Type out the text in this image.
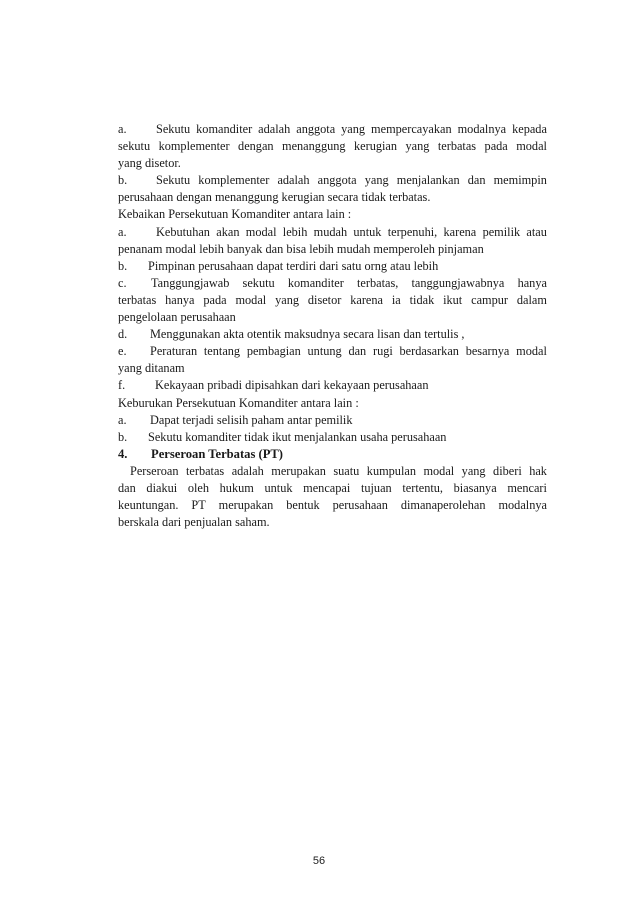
a.	Sekutu komanditer adalah anggota yang mempercayakan modalnya kepada
sekutu komplementer dengan menanggung kerugian yang terbatas pada modal
yang disetor.
b.	Sekutu komplementer adalah anggota yang menjalankan dan memimpin
perusahaan dengan menanggung kerugian secara tidak terbatas.
Kebaikan Persekutuan Komanditer antara lain :
a.	Kebutuhan akan modal lebih mudah untuk terpenuhi, karena pemilik atau
penanam modal lebih banyak dan bisa lebih mudah memperoleh pinjaman
b.	Pimpinan perusahaan dapat terdiri dari satu orng atau lebih
c.	Tanggungjawab sekutu komanditer terbatas, tanggungjawabnya hanya
terbatas hanya pada modal yang disetor karena ia tidak ikut campur dalam
pengelolaan perusahaan
d.	Menggunakan akta otentik maksudnya secara lisan dan tertulis ,
e.	Peraturan tentang pembagian untung dan rugi berdasarkan besarnya modal
yang ditanam
f.	Kekayaan pribadi dipisahkan dari kekayaan perusahaan
Keburukan Persekutuan Komanditer antara lain :
a.	Dapat terjadi selisih paham antar pemilik
b.	Sekutu komanditer tidak ikut menjalankan usaha perusahaan
4. Perseroan Terbatas (PT)
Perseroan terbatas adalah merupakan suatu kumpulan modal yang diberi hak
dan diakui oleh hukum untuk mencapai tujuan tertentu, biasanya mencari
keuntungan. PT merupakan bentuk perusahaan dimanaperolehan modalnya
berskala dari penjualan saham.
56
